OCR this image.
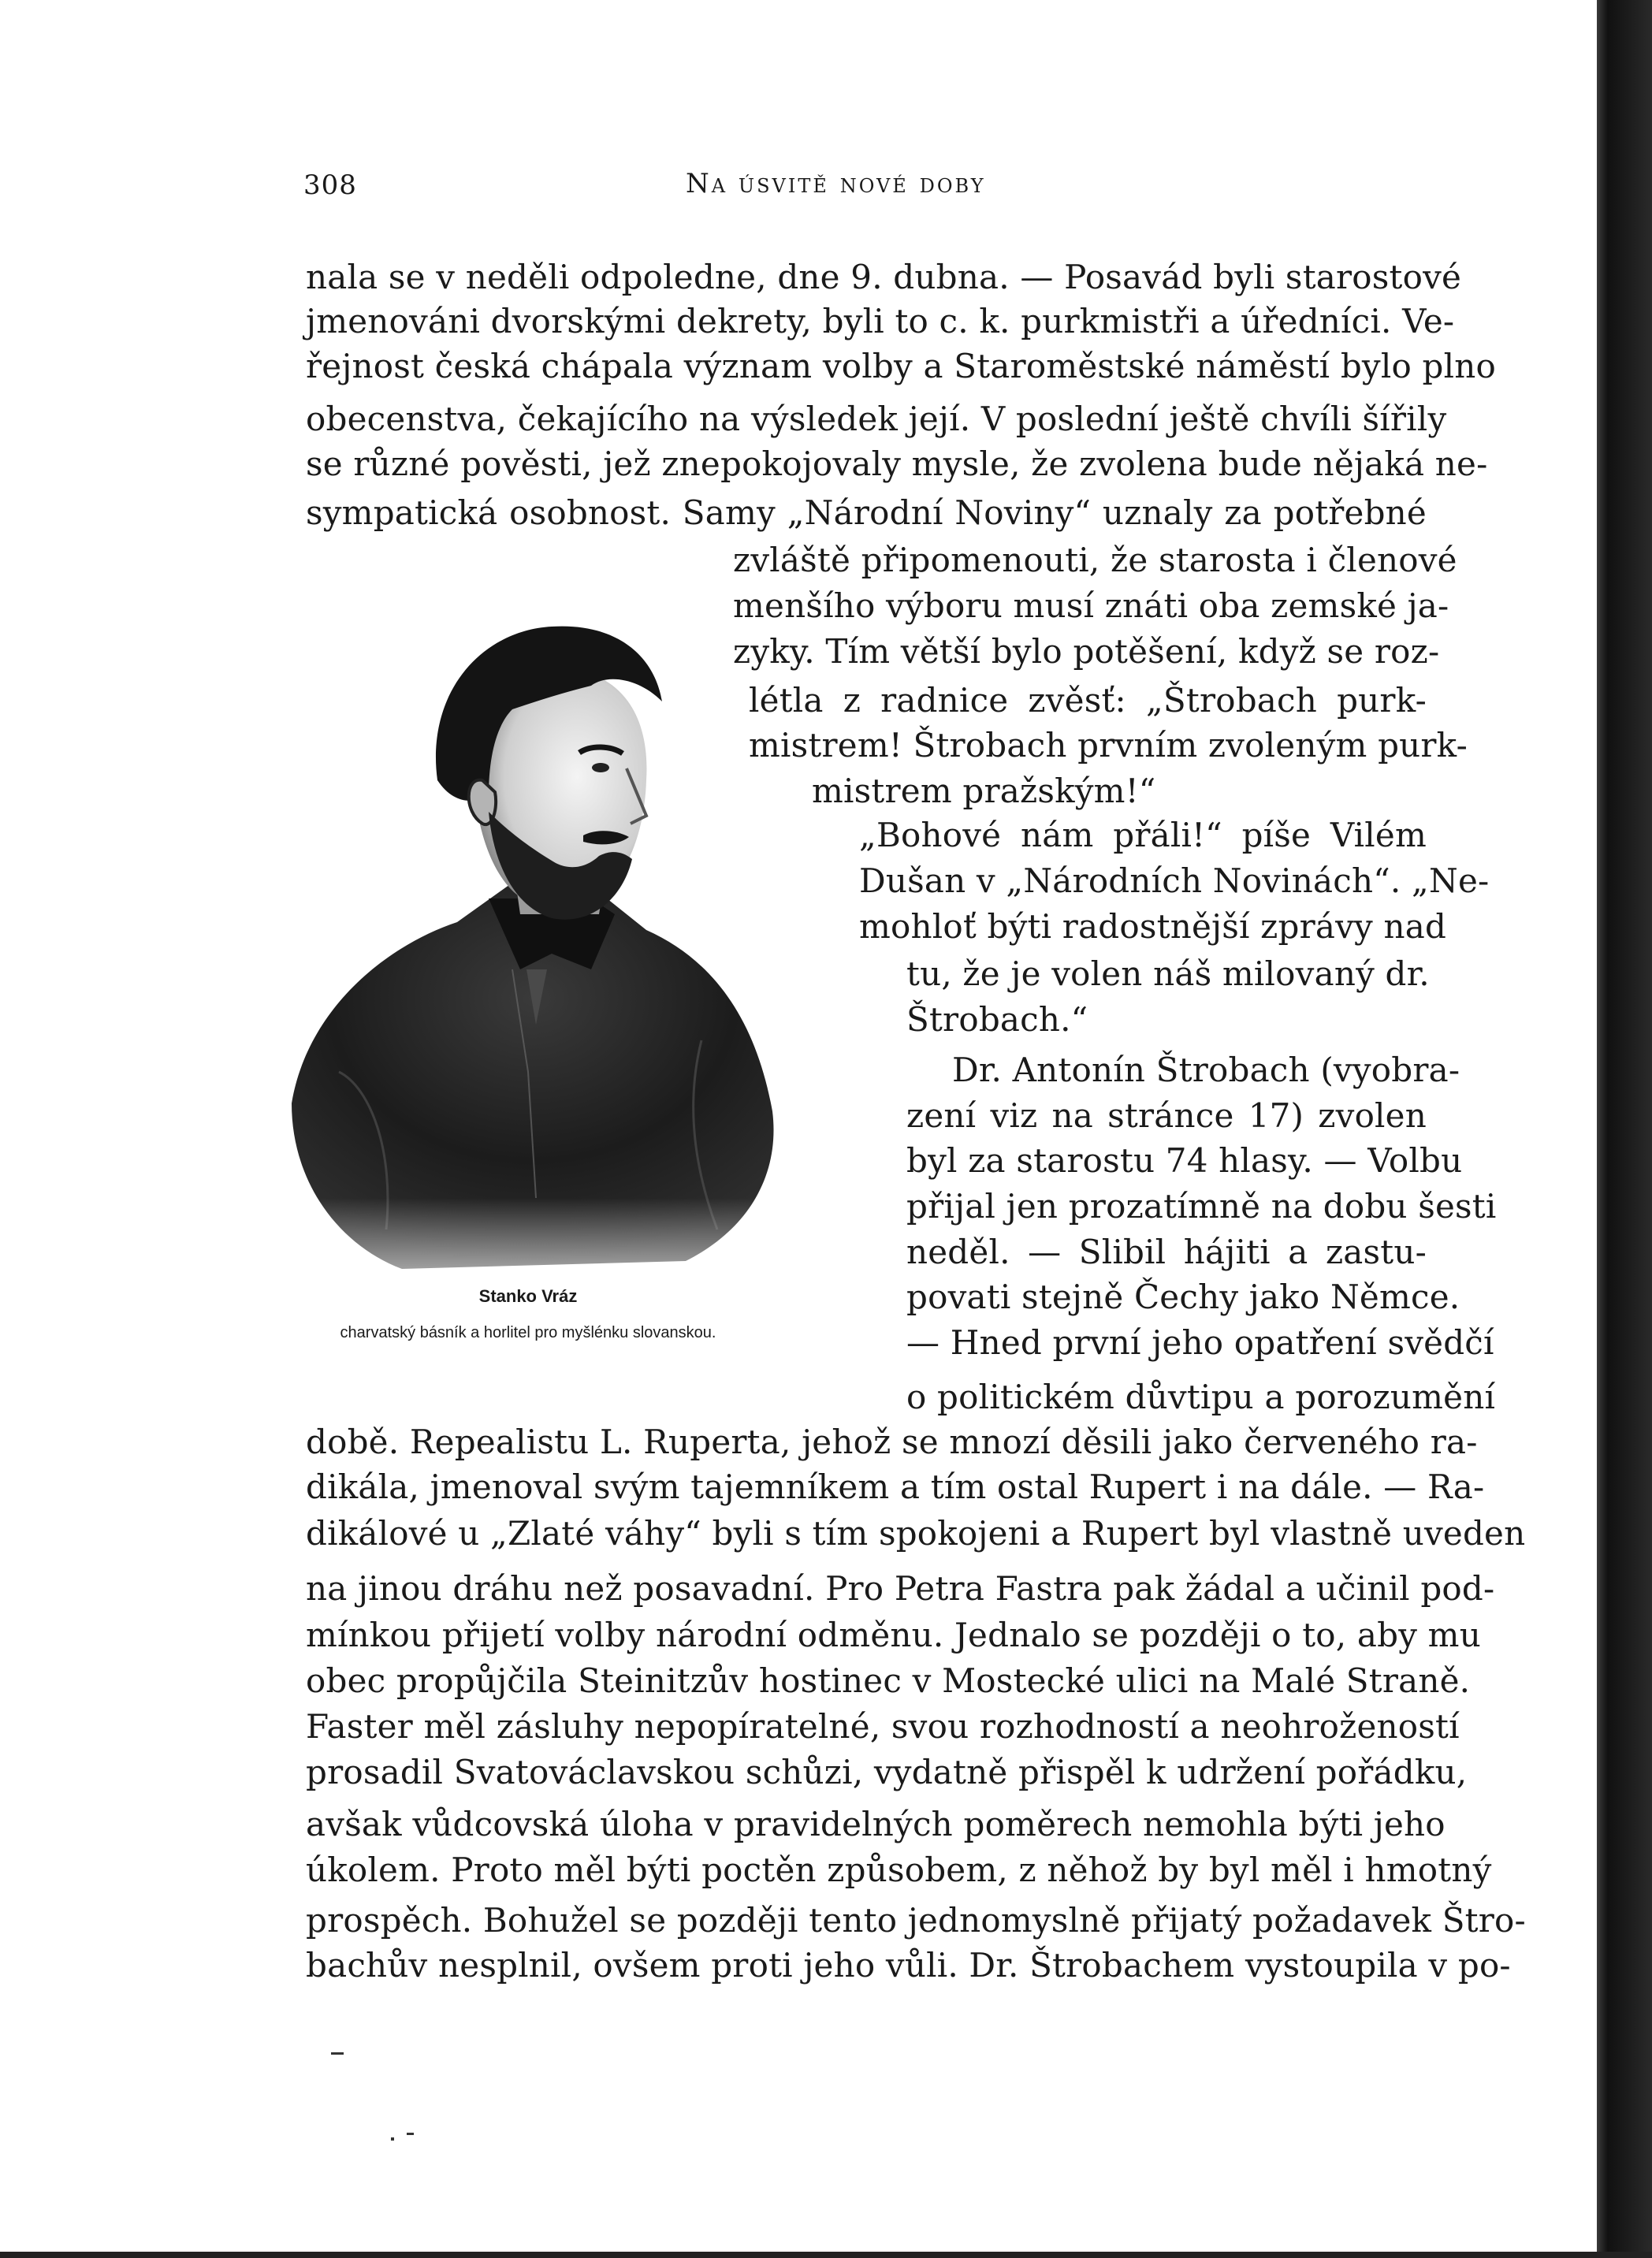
308	Na úsvitě nové doby
nala se v neděli odpoledne, dne 9. dubna. — Posavád byli starostové
jmenováni dvorskými dekrety, byli to c. k. purkmistři a úředníci. Ve-
řejnost česká chápala význam volby a Staroměstské náměstí bylo plno
obecenstva, čekajícího na výsledek její. V poslední ještě chvíli šířily
se různé pověsti, jež znepokojovaly mysle, že zvolena bude nějaká ne-
sympatická osobnost. Samy „Národní Noviny“ uznaly za potřebné
zvláště připomenouti, že starosta i členové
menšího výboru musí znáti oba zemské ja-
zyky. Tím větší bylo potěšení, když se roz-
létla z radnice zvěsť: „Štrobach purk-
mistrem! Štrobach prvním zvoleným purk-
mistrem pražským!“
„Bohové nám přáli!“ píše Vilém
Dušan v „Národních Novinách“. „Ne-
mohloť býti radostnější zprávy nad
tu, že je volen náš milovaný dr.
Štrobach.“
Dr. Antonín Štrobach (vyobra-
zení viz na stránce 17) zvolen
byl za starostu 74 hlasy. — Volbu
přijal jen prozatímně na dobu šesti
neděl. — Slibil hájiti a zastu-
povati stejně Čechy jako Němce.
— Hned první jeho opatření svědčí
o politickém důvtipu a porozumění
době. Repealistu L. Ruperta, jehož se mnozí děsili jako červeného ra-
dikála, jmenoval svým tajemníkem a tím ostal Rupert i na dále. — Ra-
dikálové u „Zlaté váhy“ byli s tím spokojeni a Rupert byl vlastně uveden
na jinou dráhu než posavadní. Pro Petra Fastra pak žádal a učinil pod-
mínkou přijetí volby národní odměnu. Jednalo se později o to, aby mu
obec propůjčila Steinitzův hostinec v Mostecké ulici na Malé Straně.
Faster měl zásluhy nepopíratelné, svou rozhodností a neohrožeností
prosadil Svatováclavskou schůzi, vydatně přispěl k udržení pořádku,
avšak vůdcovská úloha v pravidelných poměrech nemohla býti jeho
úkolem. Proto měl býti poctěn způsobem, z něhož by byl měl i hmotný
prospěch. Bohužel se později tento jednomyslně přijatý požadavek Štro-
bachův nesplnil, ovšem proti jeho vůli. Dr. Štrobachem vystoupila v po-
Stanko Vráz
charvatský básník a horlitel pro myšlénku slovanskou.
